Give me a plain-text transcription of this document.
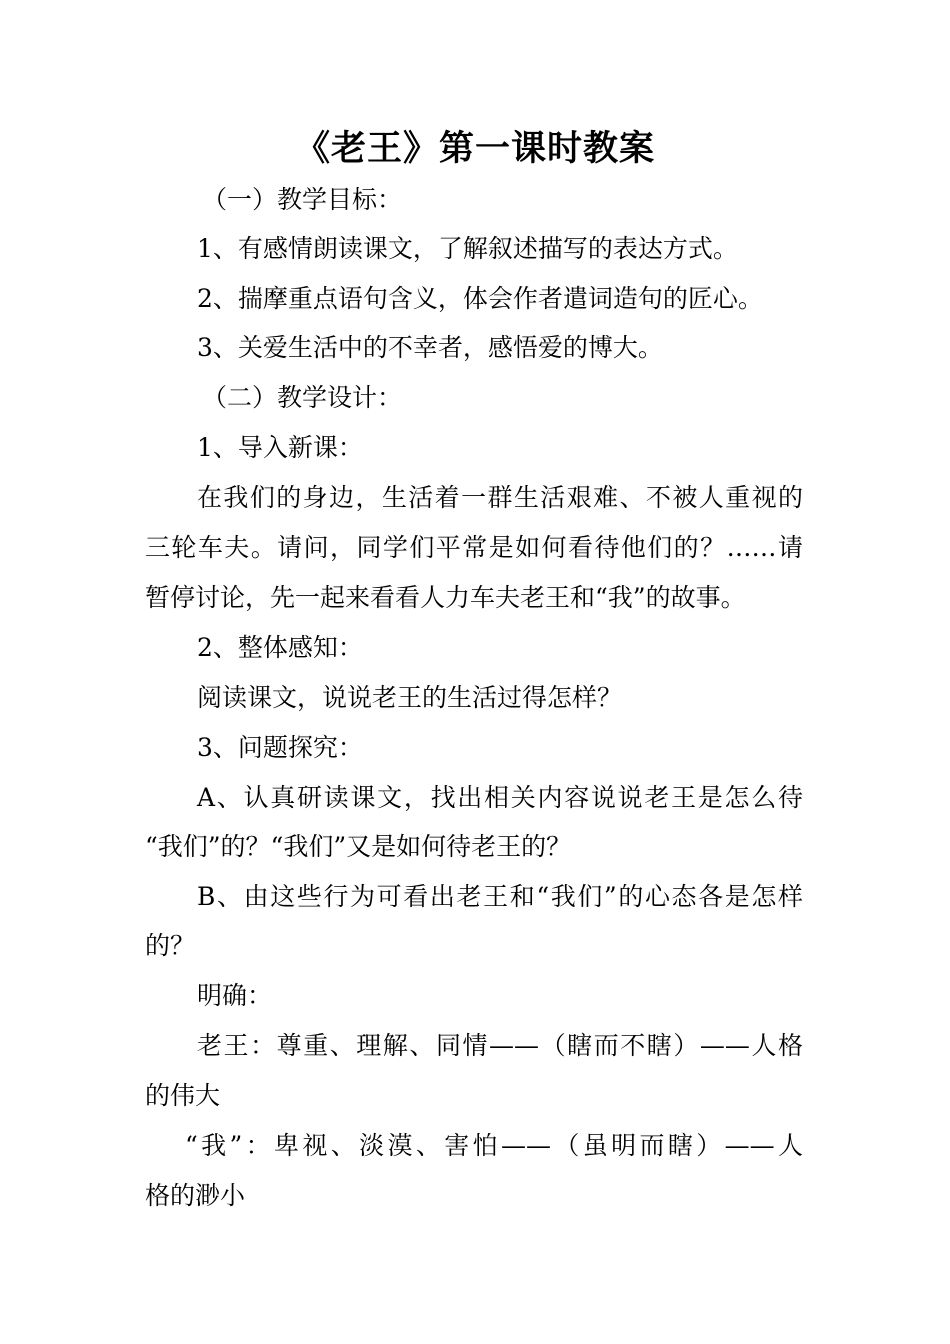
《老王》第一课时教案
（一）教学目标：
1、有感情朗读课文，了解叙述描写的表达方式。
2、揣摩重点语句含义，体会作者遣词造句的匠心。
3、关爱生活中的不幸者，感悟爱的博大。
（二）教学设计：
1、导入新课：
在我们的身边，生活着一群生活艰难、不被人重视的
三轮车夫。请问，同学们平常是如何看待他们的？……请
暂停讨论，先一起来看看人力车夫老王和“我”的故事。
2、整体感知：
阅读课文，说说老王的生活过得怎样？
3、问题探究：
A、认真研读课文，找出相关内容说说老王是怎么待
“我们”的？“我们”又是如何待老王的？
B、由这些行为可看出老王和“我们”的心态各是怎样
的？
明确：
老王：尊重、理解、同情——（瞎而不瞎）——人格
的伟大
“我”：卑视、淡漠、害怕——（虽明而瞎）——人
格的渺小
